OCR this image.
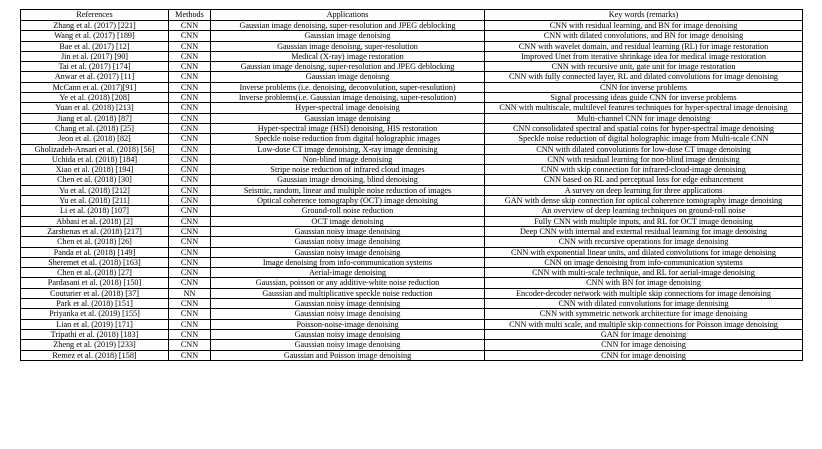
References	Methods	Applications	Key words (remarks)
Zhang et al. (2017) [221]	CNN	Gaussian image denoising, super-resolution and JPEG deblocking	CNN with residual learning, and BN for image denoising
Wang et al. (2017) [189]	CNN	Gaussian image denoising	CNN with dilated convolutions, and BN for image denoising
Bae et al. (2017) [12]	CNN	Gaussian image denoisng, super-resolution	CNN with wavelet domain, and residual learning (RL) for image restoration
Jin et al. (2017) [90]	CNN	Medical (X-ray) image restoration	Improved Unet from iterative shrinkage idea for medical image restoration
Tai et al. (2017) [174]	CNN	Gaussian image denoisng, super-resolution and JPEG deblocking	CNN with recursive unit, gate unit for image restoration
Anwar et al. (2017) [11]	CNN	Gaussian image denoisng	CNN with fully connected layer, RL and dilated convolutions for image denoising
McCann et al. (2017)[91]	CNN	Inverse problems (i.e. denoising, deconvolution, super-resolution)	CNN for inverse problems
Ye et al. (2018) [208]	CNN	Inverse problems(i.e. Gaussian image denoising, super-resolution)	Signal processing ideas guide CNN for inverse problems
Yuan et al. (2018) [213]	CNN	Hyper-spectral image denoising	CNN with multiscale, multilevel features techniques for hyper-spectral image denoising
Jiang et al. (2018) [87]	CNN	Gaussian image denoising	Multi-channel CNN for image denoising
Chang et al. (2018) [25]	CNN	Hyper-spectral image (HSI) denoising, HIS restoration	CNN consolidated spectral and spatial coins for hyper-spectral image denoising
Jeon et al. (2018) [82]	CNN	Speckle noise reduction from digital holographic images	Speckle noise reduction of digital holographic image from Multi-scale CNN
Gholizadeh-Ansari et al. (2018) [56]	CNN	Low-dose CT image denoising, X-ray image denoising	CNN with dilated convolutions for low-dose CT image denoising
Uchida et al. (2018) [184]	CNN	Non-blind image denoising	CNN with residual learning for non-blind image denoising
Xiao et al. (2018) [194]	CNN	Stripe noise reduction of infrared cloud images	CNN with skip connection for infrared-cloud-image denoising
Chen et al. (2018) [30]	CNN	Gaussian image denoising, blind denoising	CNN based on RL and perceptual loss for edge enhancement
Yu et al. (2018) [212]	CNN	Seismic, random, linear and multiple noise reduction of images	A survey on deep learning for three applications
Yu et al. (2018) [211]	CNN	Optical coherence tomography (OCT) image denoising	GAN with dense skip connection for optical coherence tomography image denoising
Li et al. (2018) [107]	CNN	Ground-roll noise reduction	An overview of deep learning techniques on ground-roll noise
Abbasi et al. (2018) [2]	CNN	OCT image denoising	Fully CNN with multiple inputs, and RL for OCT image denoising
Zarshenas et al. (2018) [217]	CNN	Gaussian noisy image denoising	Deep CNN with internal and external residual learning for image denoising
Chen et al. (2018) [26]	CNN	Gaussian noisy image denoising	CNN with recursive operations for image denoising
Panda et al. (2018) [149]	CNN	Gaussian noisy image denoising	CNN with exponential linear units, and dilated convolutions for image denoising
Sheremet et al. (2018) [163]	CNN	Image denoising from info-communication systems	CNN on image denoising from info-communication systems
Chen et al. (2018) [27]	CNN	Aerial-image denoising	CNN with multi-scale technique, and RL for aerial-image denoising
Pardasani et al. (2018) [150]	CNN	Gaussian, poisson or any additive-white noise reduction	CNN with BN for image denoising
Couturier et al. (2018) [37]	NN	Gaussian and multiplicative speckle noise reduction	Encoder-decoder network with multiple skip connections for image denoising
Park et al. (2018) [151]	CNN	Gaussian noisy image denoising	CNN with dilated convolutions for image denoising
Priyanka et al. (2019) [155]	CNN	Gaussian noisy image denoising	CNN with symmetric network architecture for image denoising
Lian et al. (2019) [171]	CNN	Poisson-noise-image denoising	CNN with multi scale, and multiple skip connections for Poisson image denoising
Tripathi et al. (2018) [183]	CNN	Gaussian noisy image denoising	GAN for image denoising
Zheng et al. (2019) [233]	CNN	Gaussian noisy image denoising	CNN for image denoising
Remez et al. (2018) [158]	CNN	Gaussian and Poisson image denoising	CNN for image denoising
